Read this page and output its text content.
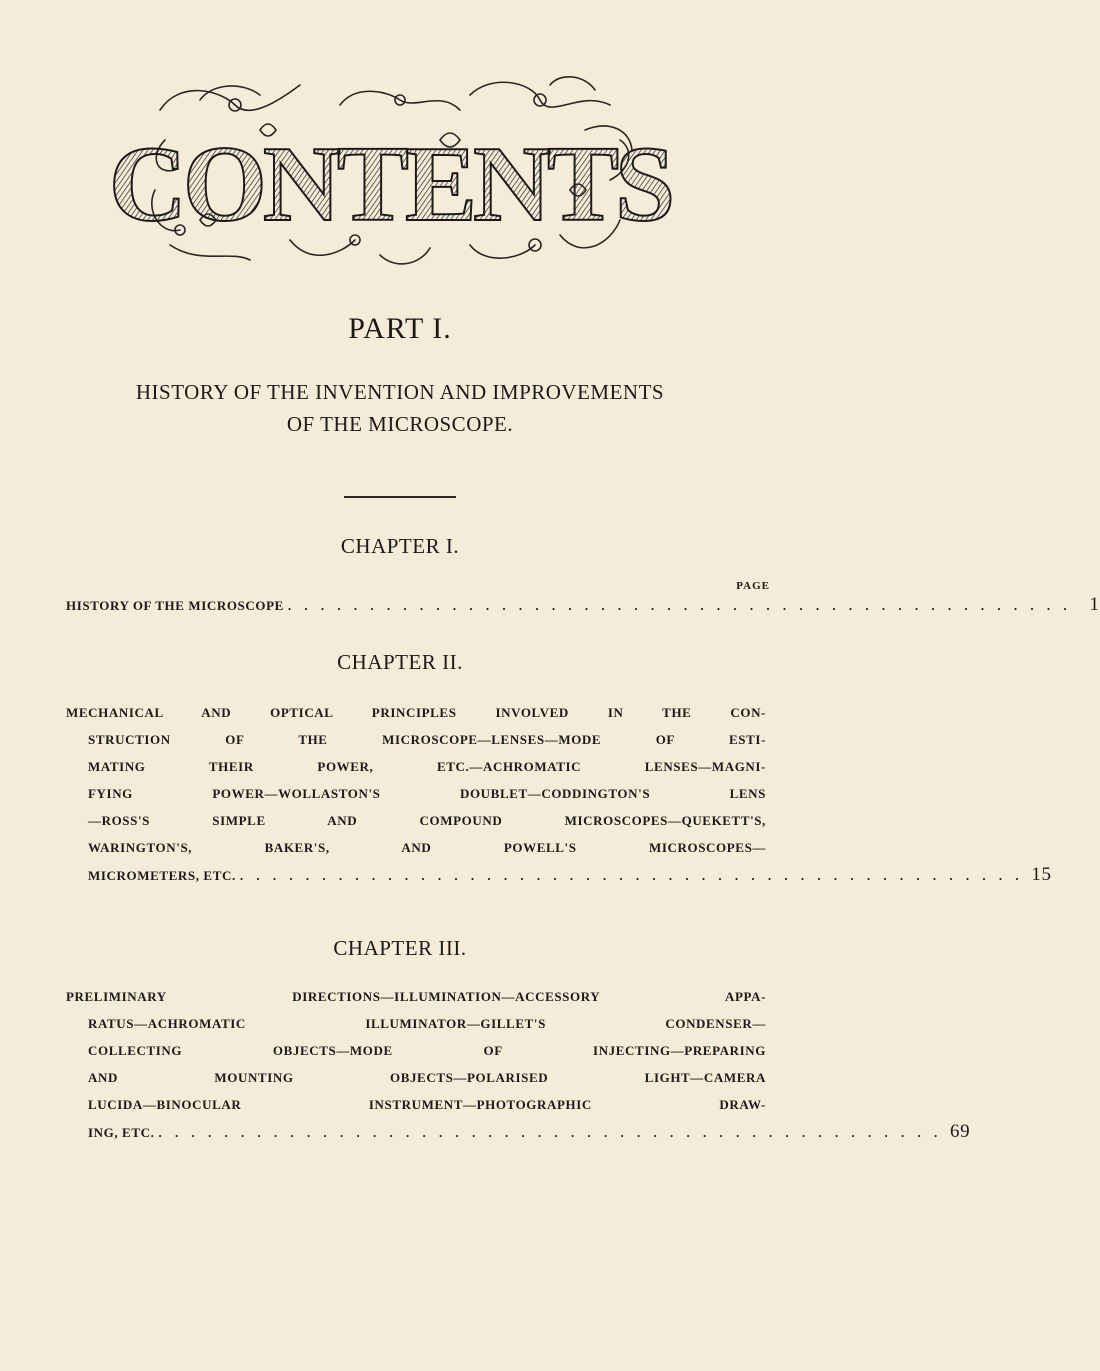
CONTENTS
PART I.
HISTORY OF THE INVENTION AND IMPROVEMENTS
OF THE MICROSCOPE.
CHAPTER I.
PAGE
HISTORY OF THE MICROSCOPE . . . . . . . . . . . . . . . . . . . . . . . . . . . . . . . . . . . . . . . . . . . . . . . . 1
CHAPTER II.
MECHANICAL AND OPTICAL PRINCIPLES INVOLVED IN THE CON-
STRUCTION OF THE MICROSCOPE—LENSES—MODE OF ESTI-
MATING THEIR POWER, ETC.—ACHROMATIC LENSES—MAGNI-
FYING POWER—WOLLASTON'S DOUBLET—CODDINGTON'S LENS
—ROSS'S SIMPLE AND COMPOUND MICROSCOPES—QUEKETT'S,
WARINGTON'S, BAKER'S, AND POWELL'S MICROSCOPES—
MICROMETERS, ETC. . . . . . . . . . . . . . . . . . . . . . . . . . . . . . . . . . . . . . . . . . . . . . . . . 15
CHAPTER III.
PRELIMINARY DIRECTIONS—ILLUMINATION—ACCESSORY APPA-
RATUS—ACHROMATIC ILLUMINATOR—GILLET'S CONDENSER—
COLLECTING OBJECTS—MODE OF INJECTING—PREPARING
AND MOUNTING OBJECTS—POLARISED LIGHT—CAMERA
LUCIDA—BINOCULAR INSTRUMENT—PHOTOGRAPHIC DRAW-
ING, ETC. . . . . . . . . . . . . . . . . . . . . . . . . . . . . . . . . . . . . . . . . . . . . . . . . 69
